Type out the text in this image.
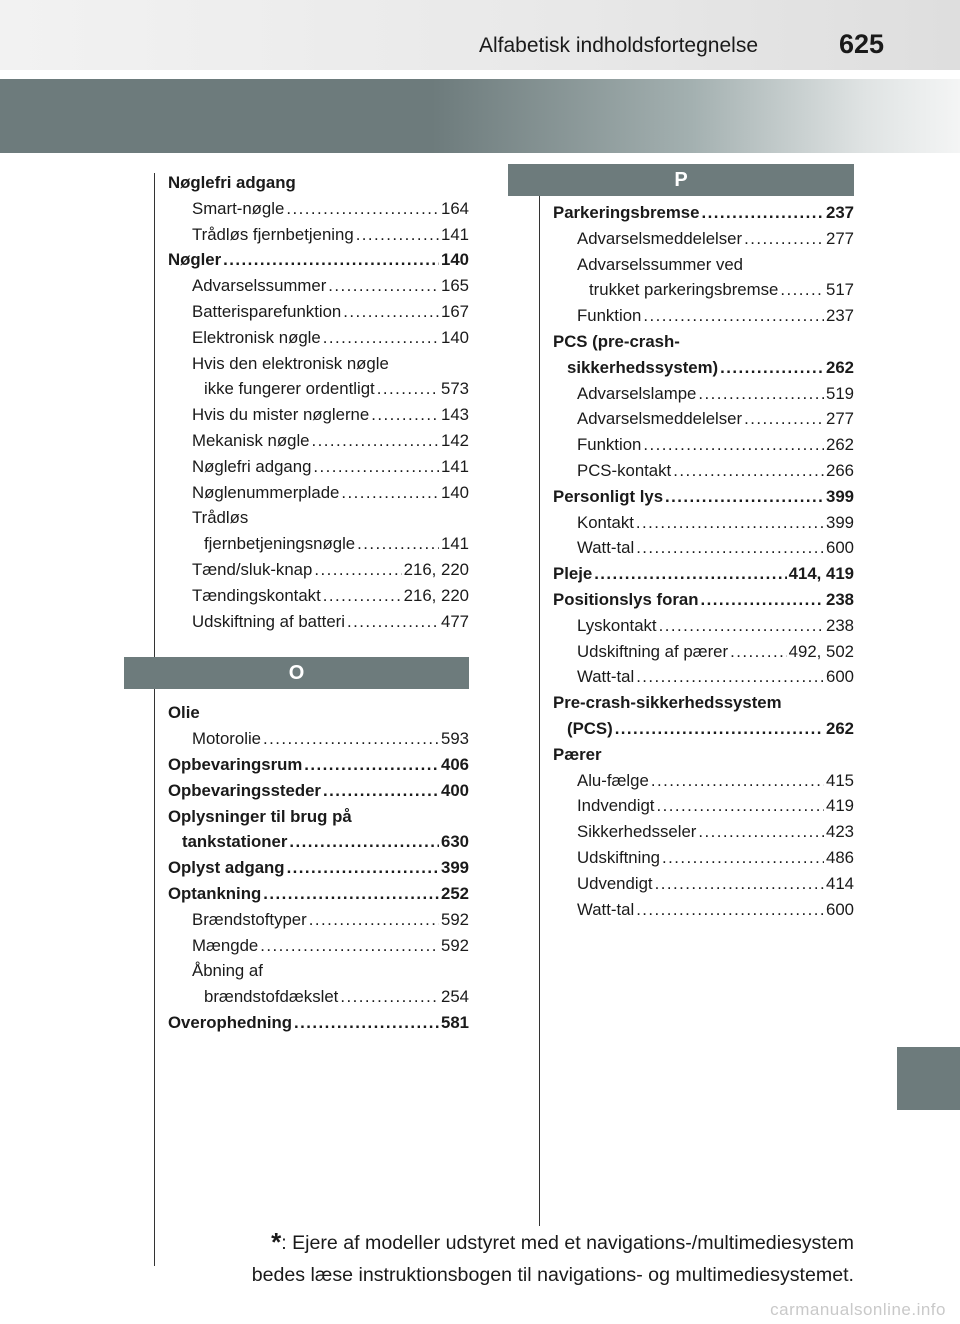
Alfabetisk indholdsfortegnelse	625
Nøglefri adgang
Smart-nøgle . . .	164
Trådløs fjernbetjening . . .	141
Nøgler . . .	140
Advarselssummer . . .	165
Batterisparefunktion . . .	167
Elektronisk nøgle . . .	140
Hvis den elektronisk nøgle
ikke fungerer ordentligt . . .	573
Hvis du mister nøglerne . . .	143
Mekanisk nøgle . . .	142
Nøglefri adgang . . .	141
Nøglenummerplade . . .	140
Trådløs
fjernbetjeningsnøgle . . .	141
Tænd/sluk-knap . . .	216, 220
Tændingskontakt . . .	216, 220
Udskiftning af batteri . . .	477
Olie
Motorolie . . .	593
Opbevaringsrum . . .	406
Opbevaringssteder . . .	400
Oplysninger til brug på
tankstationer . . .	630
Oplyst adgang . . .	399
Optankning . . .	252
Brændstoftyper . . .	592
Mængde . . .	592
Åbning af
brændstofdækslet . . .	254
Overophedning . . .	581
O
P
Parkeringsbremse . . .	237
Advarselsmeddelelser . . .	277
Advarselssummer ved
trukket parkeringsbremse . . .	517
Funktion . . .	237
PCS (pre-crash-
sikkerhedssystem) . . .	262
Advarselslampe . . .	519
Advarselsmeddelelser . . .	277
Funktion . . .	262
PCS-kontakt . . .	266
Personligt lys . . .	399
Kontakt . . .	399
Watt-tal . . .	600
Pleje . . .	414, 419
Positionslys foran . . .	238
Lyskontakt . . .	238
Udskiftning af pærer . . .	492, 502
Watt-tal . . .	600
Pre-crash-sikkerhedssystem
(PCS) . . .	262
Pærer
Alu-fælge . . .	415
Indvendigt . . .	419
Sikkerhedsseler . . .	423
Udskiftning . . .	486
Udvendigt . . .	414
Watt-tal . . .	600
*: Ejere af modeller udstyret med et navigations-/multimediesystem
bedes læse instruktionsbogen til navigations- og multimediesystemet.
carmanualsonline.info
